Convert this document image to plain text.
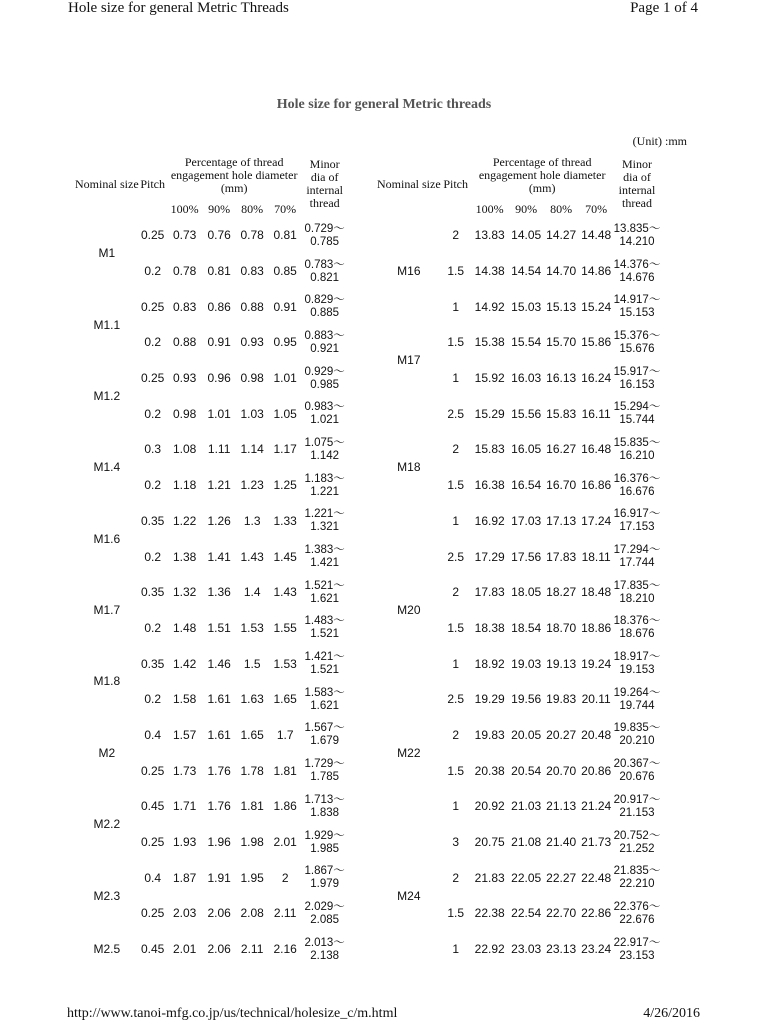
Hole size for general Metric Threads	Page 1 of 4
Hole size for general Metric threads
(Unit) :mm
Nominal size	Pitch	Percentage of thread engagement hole diameter (mm)				Minor dia of internal thread
		100%	90%	80%	70%	
M1	0.25	0.73	0.76	0.78	0.81	0.729～
0.785
	0.2	0.78	0.81	0.83	0.85	0.783～
0.821
M1.1	0.25	0.83	0.86	0.88	0.91	0.829～
0.885
	0.2	0.88	0.91	0.93	0.95	0.883～
0.921
M1.2	0.25	0.93	0.96	0.98	1.01	0.929～
0.985
	0.2	0.98	1.01	1.03	1.05	0.983～
1.021
M1.4	0.3	1.08	1.11	1.14	1.17	1.075～
1.142
	0.2	1.18	1.21	1.23	1.25	1.183～
1.221
M1.6	0.35	1.22	1.26	1.3	1.33	1.221～
1.321
	0.2	1.38	1.41	1.43	1.45	1.383～
1.421
M1.7	0.35	1.32	1.36	1.4	1.43	1.521～
1.621
	0.2	1.48	1.51	1.53	1.55	1.483～
1.521
M1.8	0.35	1.42	1.46	1.5	1.53	1.421～
1.521
	0.2	1.58	1.61	1.63	1.65	1.583～
1.621
M2	0.4	1.57	1.61	1.65	1.7	1.567～
1.679
	0.25	1.73	1.76	1.78	1.81	1.729～
1.785
M2.2	0.45	1.71	1.76	1.81	1.86	1.713～
1.838
	0.25	1.93	1.96	1.98	2.01	1.929～
1.985
M2.3	0.4	1.87	1.91	1.95	2	1.867～
1.979
	0.25	2.03	2.06	2.08	2.11	2.029～
2.085
M2.5	0.45	2.01	2.06	2.11	2.16	2.013～
2.138
Nominal size	Pitch	Percentage of thread engagement hole diameter (mm)				Minor dia of internal thread
		100%	90%	80%	70%	
M16	2	13.83	14.05	14.27	14.48	13.835～
14.210
	1.5	14.38	14.54	14.70	14.86	14.376～
14.676
	1	14.92	15.03	15.13	15.24	14.917～
15.153
M17	1.5	15.38	15.54	15.70	15.86	15.376～
15.676
	1	15.92	16.03	16.13	16.24	15.917～
16.153
M18	2.5	15.29	15.56	15.83	16.11	15.294～
15.744
	2	15.83	16.05	16.27	16.48	15.835～
16.210
	1.5	16.38	16.54	16.70	16.86	16.376～
16.676
	1	16.92	17.03	17.13	17.24	16.917～
17.153
M20	2.5	17.29	17.56	17.83	18.11	17.294～
17.744
	2	17.83	18.05	18.27	18.48	17.835～
18.210
	1.5	18.38	18.54	18.70	18.86	18.376～
18.676
	1	18.92	19.03	19.13	19.24	18.917～
19.153
M22	2.5	19.29	19.56	19.83	20.11	19.264～
19.744
	2	19.83	20.05	20.27	20.48	19.835～
20.210
	1.5	20.38	20.54	20.70	20.86	20.367～
20.676
	1	20.92	21.03	21.13	21.24	20.917～
21.153
M24	3	20.75	21.08	21.40	21.73	20.752～
21.252
	2	21.83	22.05	22.27	22.48	21.835～
22.210
	1.5	22.38	22.54	22.70	22.86	22.376～
22.676
	1	22.92	23.03	23.13	23.24	22.917～
23.153
http://www.tanoi-mfg.co.jp/us/technical/holesize_c/m.html	4/26/2016
